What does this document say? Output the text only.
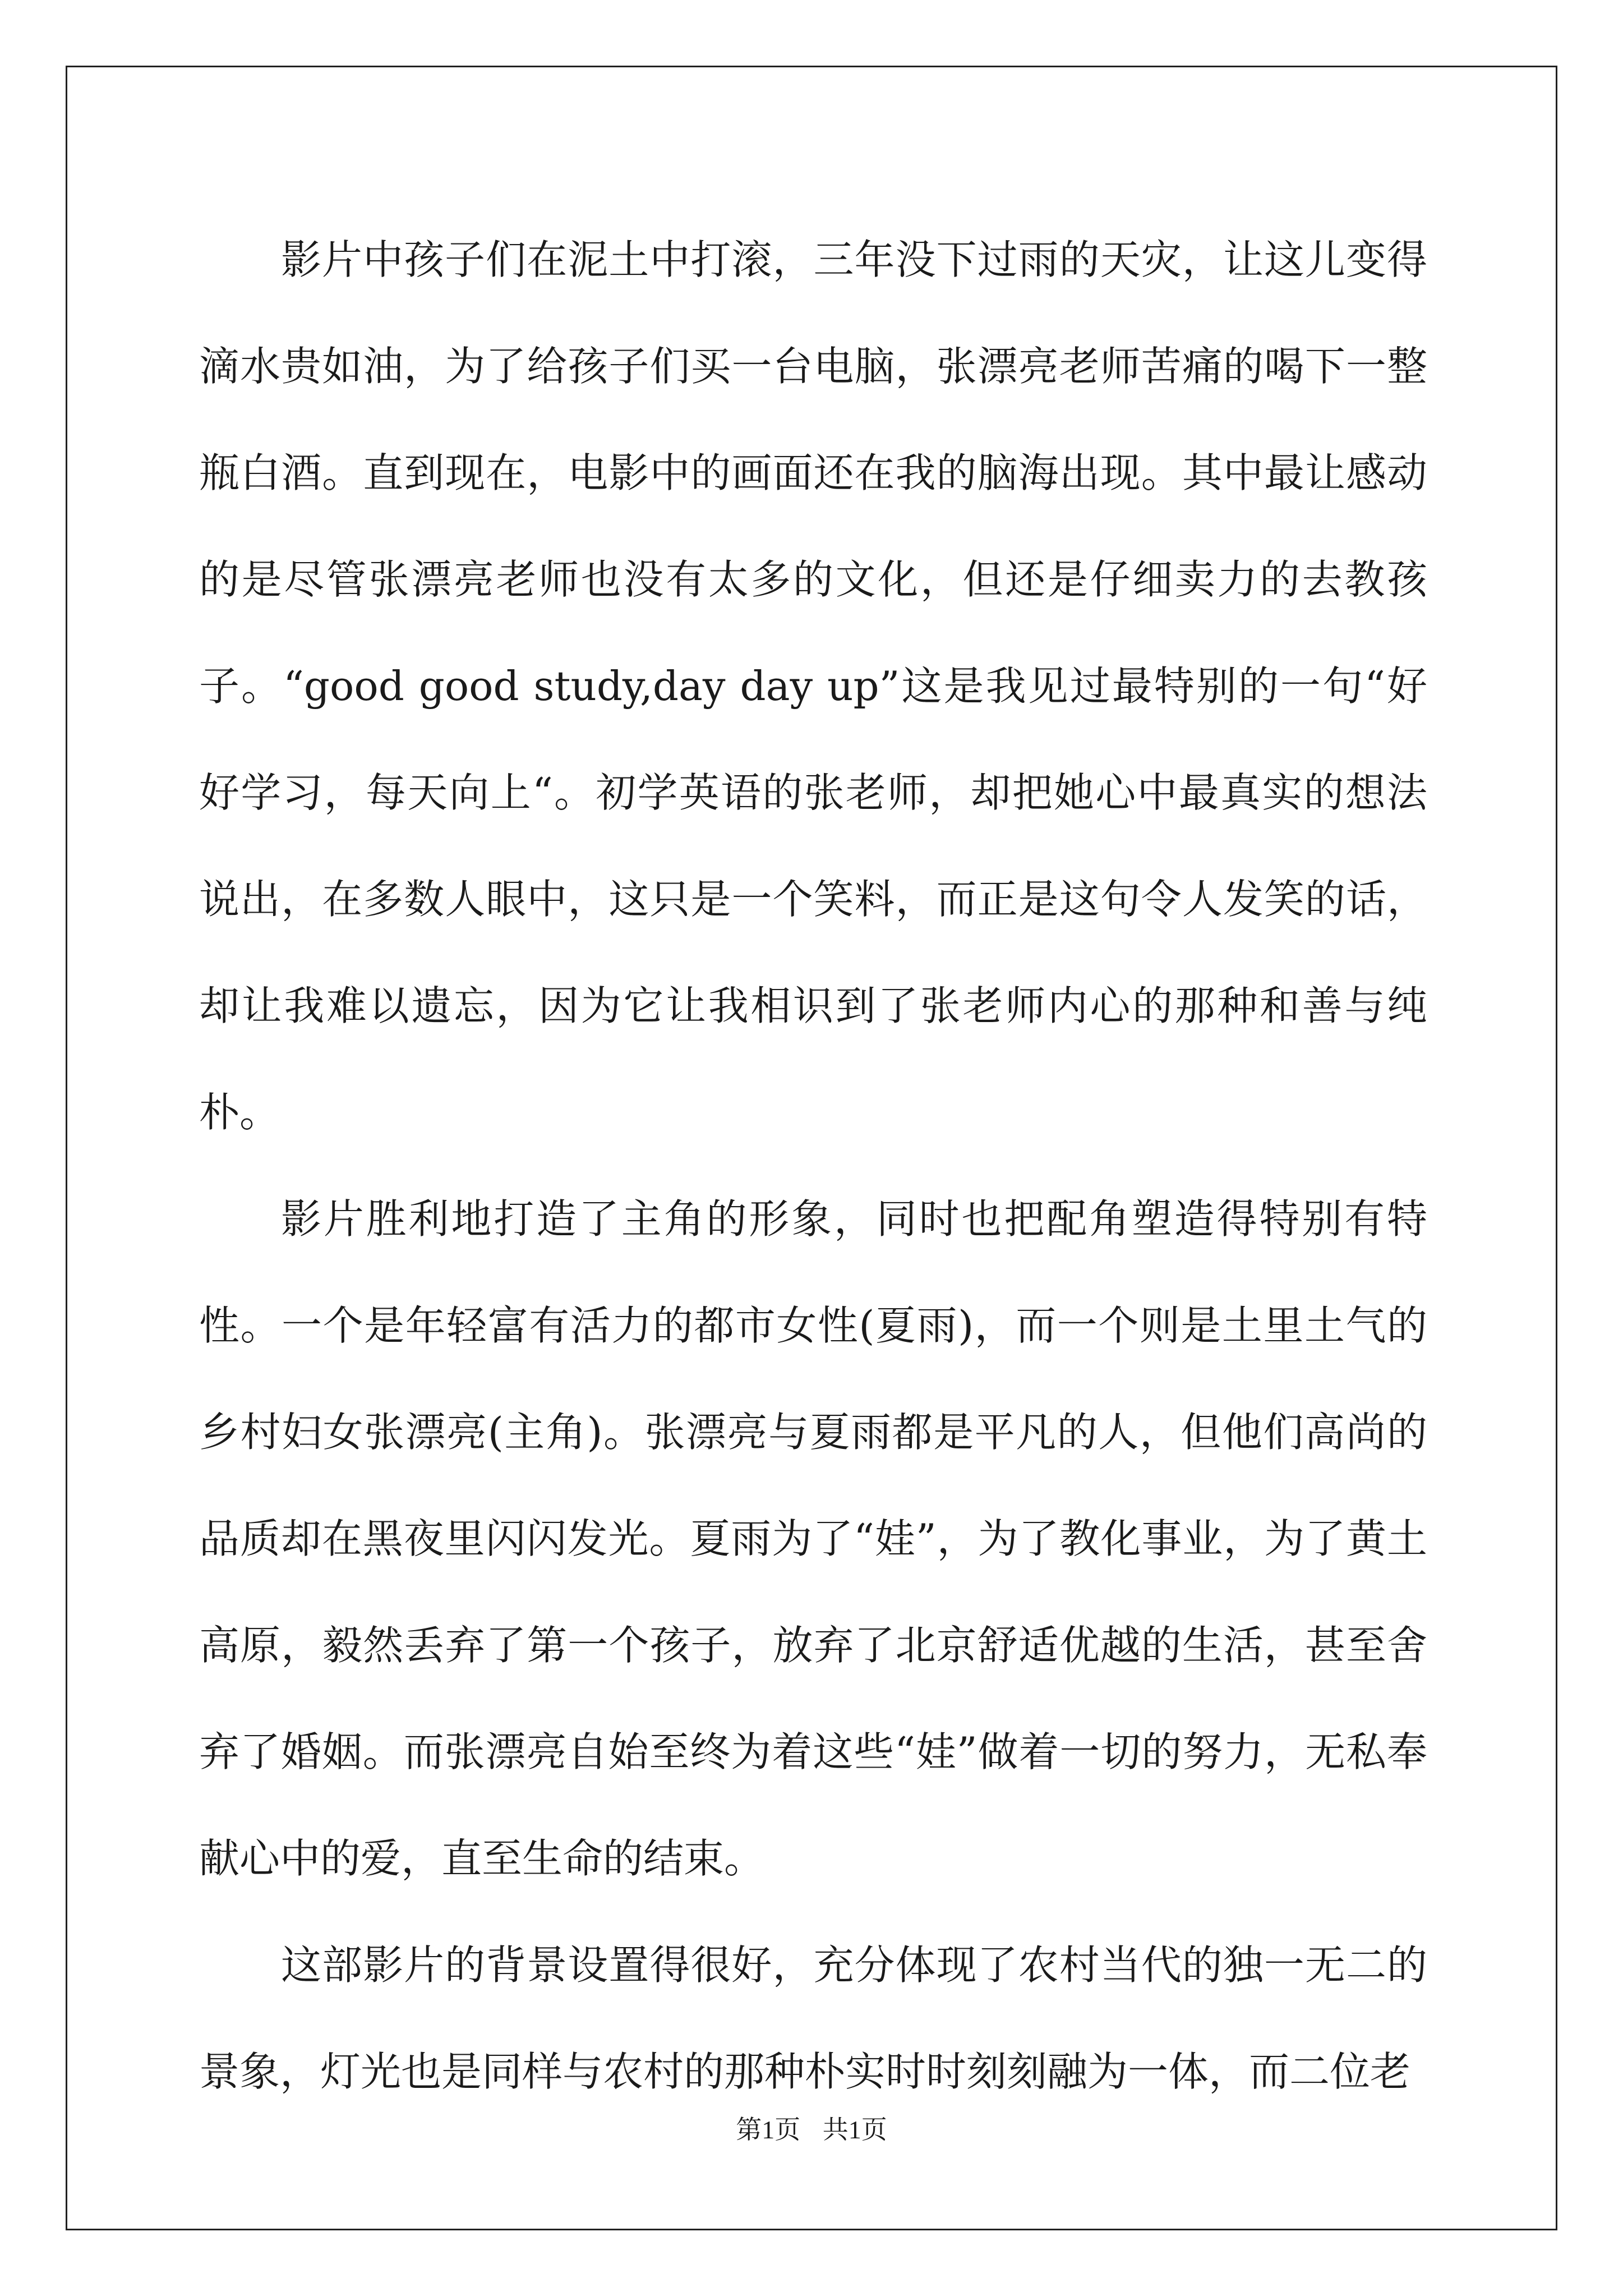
影片中孩子们在泥土中打滚，三年没下过雨的天灾，让这儿变得滴水贵如油，为了给孩子们买一台电脑，张漂亮老师苦痛的喝下一整瓶白酒。直到现在，电影中的画面还在我的脑海出现。其中最让感动的是尽管张漂亮老师也没有太多的文化，但还是仔细卖力的去教孩子。“good good study,day day up”这是我见过最特别的一句“好好学习，每天向上“。初学英语的张老师，却把她心中最真实的想法说出，在多数人眼中，这只是一个笑料，而正是这句令人发笑的话，却让我难以遗忘，因为它让我相识到了张老师内心的那种和善与纯朴。

影片胜利地打造了主角的形象，同时也把配角塑造得特别有特性。一个是年轻富有活力的都市女性(夏雨)，而一个则是土里土气的乡村妇女张漂亮(主角)。张漂亮与夏雨都是平凡的人，但他们高尚的品质却在黑夜里闪闪发光。夏雨为了“娃”，为了教化事业，为了黄土高原，毅然丢弃了第一个孩子，放弃了北京舒适优越的生活，甚至舍弃了婚姻。而张漂亮自始至终为着这些“娃”做着一切的努力，无私奉献心中的爱，直至生命的结束。

这部影片的背景设置得很好，充分体现了农村当代的独一无二的景象，灯光也是同样与农村的那种朴实时时刻刻融为一体，而二位老

第1页 共1页
